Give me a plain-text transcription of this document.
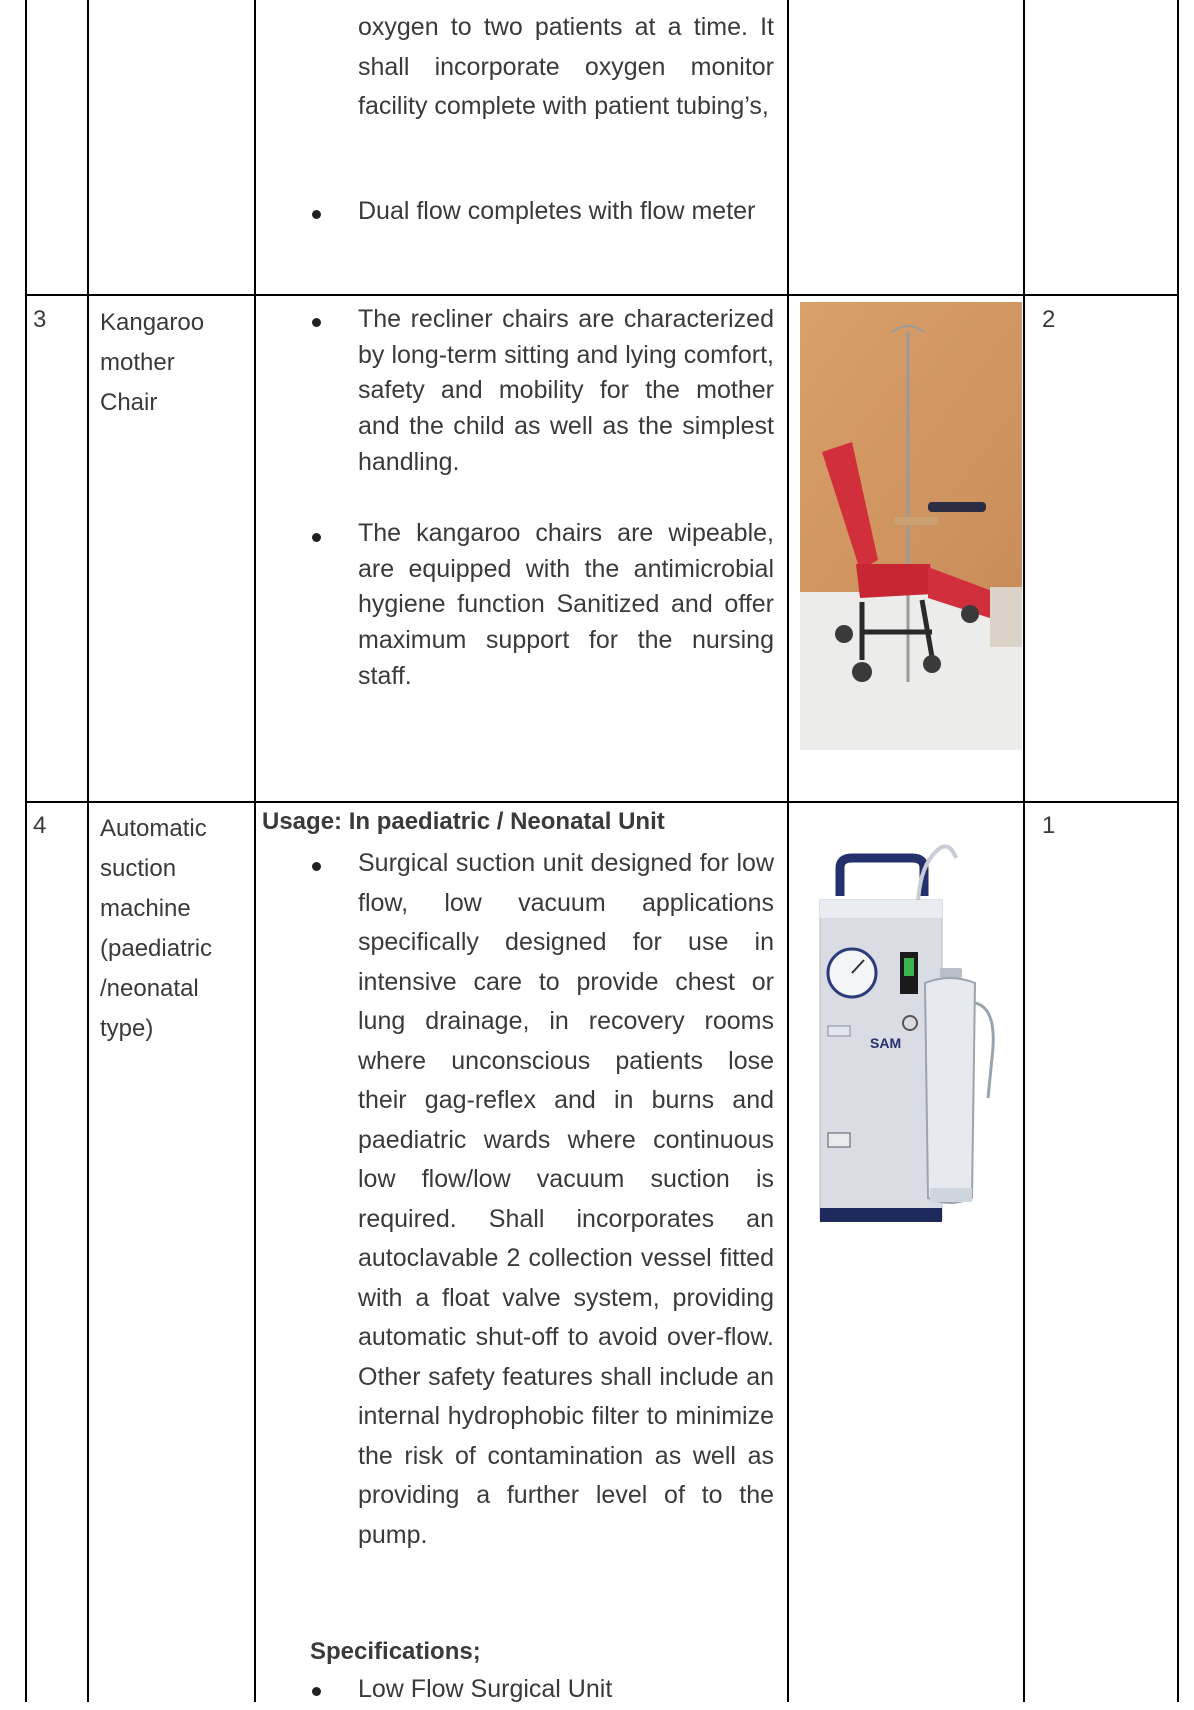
oxygen to two patients at a time. It shall incorporate oxygen monitor facility complete with patient tubing’s,
Dual flow completes with flow meter
3 Kangaroo mother Chair
The recliner chairs are characterized by long-term sitting and lying comfort, safety and mobility for the mother and the child as well as the simplest handling.
The kangaroo chairs are wipeable, are equipped with the antimicrobial hygiene function Sanitized and offer maximum support for the nursing staff.
2
4 Automatic
suction
machine
(paediatric
/neonatal
type)
Usage: In paediatric / Neonatal Unit
Surgical suction unit designed for low flow, low vacuum applications specifically designed for use in intensive care to provide chest or lung drainage, in recovery rooms where unconscious patients lose their gag-reflex and in burns and paediatric wards where continuous low flow/low vacuum suction is required. Shall incorporates an autoclavable 2 collection vessel fitted with a float valve system, providing automatic shut-off to avoid over-flow. Other safety features shall include an internal hydrophobic filter to minimize the risk of contamination as well as providing a further level of to the pump.
Specifications;
Low Flow Surgical Unit
1
SAM
